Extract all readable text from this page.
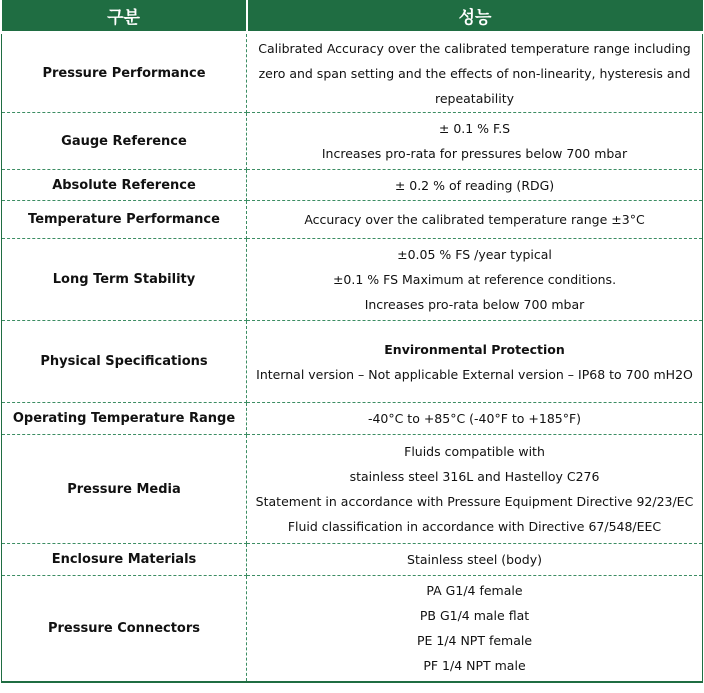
구분	성능
Pressure Performance	Calibrated Accuracy over the calibrated temperature range including zero and span setting and the effects of non-linearity, hysteresis and repeatability
Gauge Reference	± 0.1 % F.S
Increases pro-rata for pressures below 700 mbar

Absolute Reference	± 0.2 % of reading (RDG)
Temperature Performance	Accuracy over the calibrated temperature range ±3°C
Long Term Stability	±0.05 % FS /year typical
±0.1 % FS Maximum at reference conditions.
Increases pro-rata below 700 mbar

Physical Specifications	Environmental Protection
Internal version – Not applicable External version – IP68 to 700 mH2O

Operating Temperature Range	-40°C to +85°C (-40°F to +185°F)
Pressure Media	Fluids compatible with
stainless steel 316L and Hastelloy C276
Statement in accordance with Pressure Equipment Directive 92/23/EC
Fluid classification in accordance with Directive 67/548/EEC

Enclosure Materials	Stainless steel (body)
Pressure Connectors	PA G1/4 female
PB G1/4 male flat
PE 1/4 NPT female
PF 1/4 NPT male
